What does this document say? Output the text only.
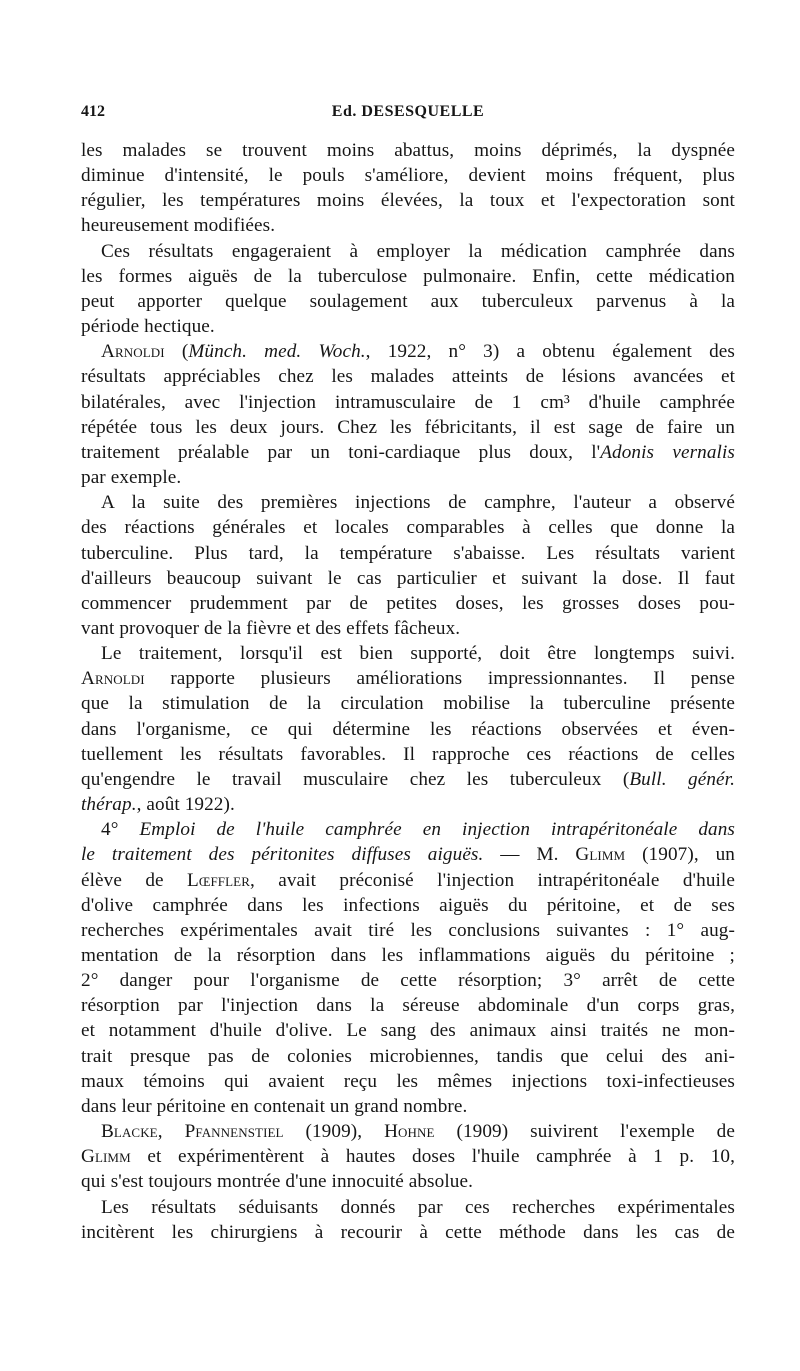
412	Ed. DESESQUELLE
les malades se trouvent moins abattus, moins déprimés, la dyspnée
diminue d'intensité, le pouls s'améliore, devient moins fréquent, plus
régulier, les températures moins élevées, la toux et l'expectoration sont
heureusement modifiées.
Ces résultats engageraient à employer la médication camphrée dans
les formes aiguës de la tuberculose pulmonaire. Enfin, cette médication
peut apporter quelque soulagement aux tuberculeux parvenus à la
période hectique.
Arnoldi (Münch. med. Woch., 1922, n° 3) a obtenu également des
résultats appréciables chez les malades atteints de lésions avancées et
bilatérales, avec l'injection intramusculaire de 1 cm³ d'huile camphrée
répétée tous les deux jours. Chez les fébricitants, il est sage de faire un
traitement préalable par un toni-cardiaque plus doux, l'Adonis vernalis
par exemple.
A la suite des premières injections de camphre, l'auteur a observé
des réactions générales et locales comparables à celles que donne la
tuberculine. Plus tard, la température s'abaisse. Les résultats varient
d'ailleurs beaucoup suivant le cas particulier et suivant la dose. Il faut
commencer prudemment par de petites doses, les grosses doses pou-
vant provoquer de la fièvre et des effets fâcheux.
Le traitement, lorsqu'il est bien supporté, doit être longtemps suivi.
Arnoldi rapporte plusieurs améliorations impressionnantes. Il pense
que la stimulation de la circulation mobilise la tuberculine présente
dans l'organisme, ce qui détermine les réactions observées et éven-
tuellement les résultats favorables. Il rapproche ces réactions de celles
qu'engendre le travail musculaire chez les tuberculeux (Bull. génér.
thérap., août 1922).
4° Emploi de l'huile camphrée en injection intrapéritonéale dans
le traitement des péritonites diffuses aiguës. — M. Glimm (1907), un
élève de Lœffler, avait préconisé l'injection intrapéritonéale d'huile
d'olive camphrée dans les infections aiguës du péritoine, et de ses
recherches expérimentales avait tiré les conclusions suivantes : 1° aug-
mentation de la résorption dans les inflammations aiguës du péritoine ;
2° danger pour l'organisme de cette résorption; 3° arrêt de cette
résorption par l'injection dans la séreuse abdominale d'un corps gras,
et notamment d'huile d'olive. Le sang des animaux ainsi traités ne mon-
trait presque pas de colonies microbiennes, tandis que celui des ani-
maux témoins qui avaient reçu les mêmes injections toxi-infectieuses
dans leur péritoine en contenait un grand nombre.
Blacke, Pfannenstiel (1909), Hohne (1909) suivirent l'exemple de
Glimm et expérimentèrent à hautes doses l'huile camphrée à 1 p. 10,
qui s'est toujours montrée d'une innocuité absolue.
Les résultats séduisants donnés par ces recherches expérimentales
incitèrent les chirurgiens à recourir à cette méthode dans les cas de
